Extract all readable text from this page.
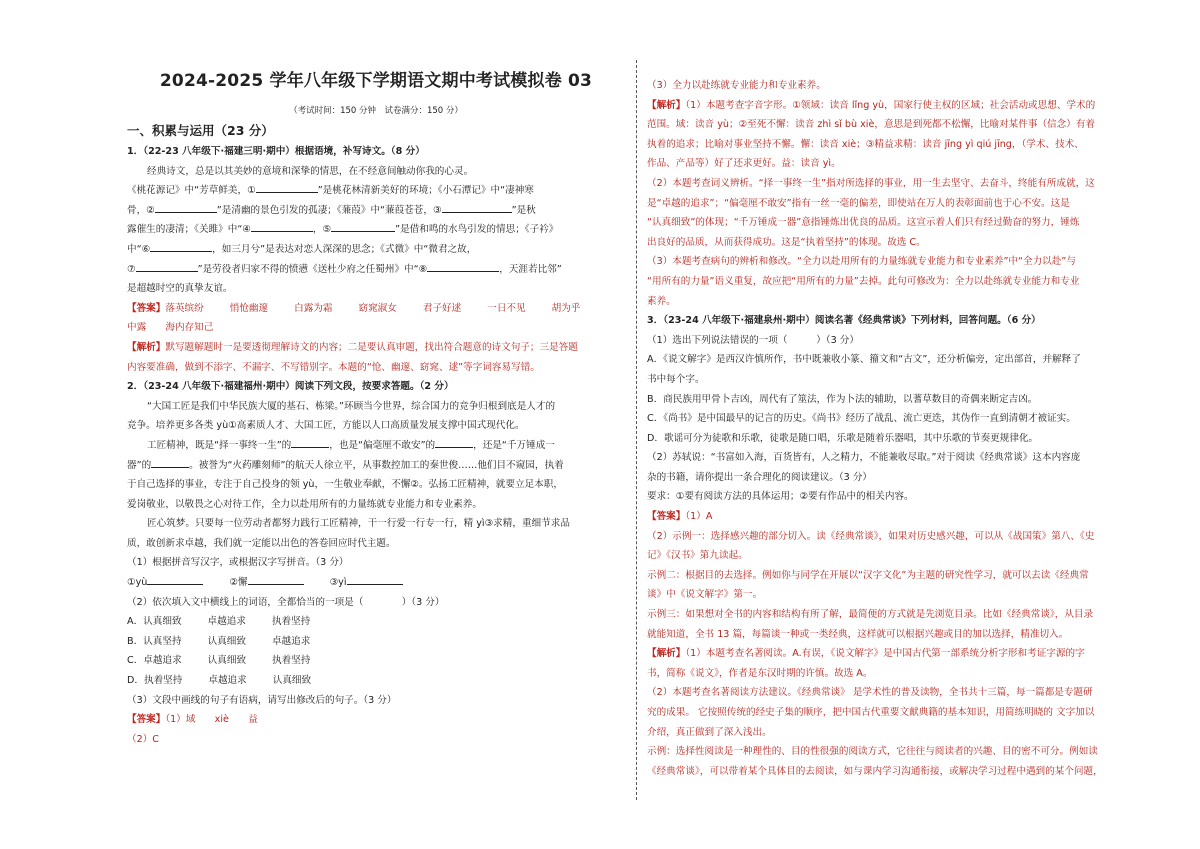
2024-2025 学年八年级下学期语文期中考试模拟卷 03
（考试时间：150 分钟　试卷满分：150 分）
一、积累与运用（23 分）
1．（22-23 八年级下·福建三明·期中）根据语境，补写诗文。（8 分）
经典诗文，总是以其美妙的意境和深挚的情思，在不经意间触动你我的心灵。
《桃花源记》中“芳草鲜美，①	”是桃花林清新美好的环境；《小石潭记》中“凄神寒
骨，②	”是清幽的景色引发的孤凄；《蒹葭》中“蒹葭苍苍，③	”是秋
露催生的凄清；《关雎》中“④	，⑤	”是借和鸣的水鸟引发的情思；《子衿》
中“⑥	，如三月兮”是表达对恋人深深的思念；《式微》中“微君之故，
⑦	”是劳役者归家不得的愤懑《送杜少府之任蜀州》中“⑧	，天涯若比邻”
是超越时空的真挚友谊。
【答案】落英缤纷	悄怆幽邃	白露为霜	窈窕淑女	君子好逑	一日不见	胡为乎
中露　　海内存知己
【解析】默写题解题时一是要透彻理解诗文的内容；二是要认真审题，找出符合题意的诗文句子；三是答题
内容要准确，做到不添字、不漏字、不写错别字。本题的“怆、幽邃、窈窕、逑”等字词容易写错。
2．（23-24 八年级下·福建福州·期中）阅读下列文段，按要求答题。（2 分）
“大国工匠是我们中华民族大厦的基石、栋梁。”环顾当今世界，综合国力的竞争归根到底是人才的
竞争。培养更多各类 yù①高素质人才、大国工匠，方能以人口高质量发展支撑中国式现代化。
工匠精神，既是“择一事终一生”的	，也是“偏毫厘不敢安”的	，还是“千万锤成一
器”的	。被誉为“火药雕刻师”的航天人徐立平，从事数控加工的秦世俊……他们目不窥园，执着
于自己选择的事业，专注于自己投身的领 yù，一生敬业奉献，不懈②。弘扬工匠精神，就要立足本职，
爱岗敬业，以敬畏之心对待工作，全力以赴用所有的力量练就专业能力和专业素养。
匠心筑梦。只要每一位劳动者都努力践行工匠精神，干一行爱一行专一行，精 yì③求精，重细节求品
质，敢创新求卓越，我们就一定能以出色的答卷回应时代主题。
（1）根据拼音写汉字，或根据汉字写拼音。（3 分）
①yù	②懈	③yì
（2）依次填入文中横线上的词语，全都恰当的一项是（　　　　）（3 分）
A．认真细致	卓越追求	执着坚持
B．认真坚持	认真细致	卓越追求
C．卓越追求	认真细致	执着坚持
D．执着坚持	卓越追求	认真细致
（3）文段中画线的句子有语病，请写出修改后的句子。（3 分）
【答案】（1）域　　xiè　　益
（2）C
（3）全力以赴练就专业能力和专业素养。
【解析】（1）本题考查字音字形。①领域：读音 lǐng yù，国家行使主权的区域；社会活动或思想、学术的
范围。域：读音 yù；②至死不懈：读音 zhì sǐ bù xiè，意思是到死都不松懈，比喻对某件事（信念）有着
执着的追求；比喻对事业坚持不懈。懈：读音 xiè；③精益求精：读音 jīng yì qiú jīng，（学术、技术、
作品、产品等）好了还求更好。益：读音 yì。
（2）本题考查词义辨析。“择一事终一生”指对所选择的事业，用一生去坚守、去奋斗，终能有所成就，这
是“卓越的追求”；“偏毫厘不敢安”指有一丝一毫的偏差，即使站在万人的表彰面前也于心不安。这是
“认真细致”的体现；“千万锤成一器”意指锤炼出优良的品质。这宣示着人们只有经过勤奋的努力，锤炼
出良好的品质，从而获得成功。这是“执着坚持”的体现。故选 C。
（3）本题考查病句的辨析和修改。“全力以赴用所有的力量练就专业能力和专业素养”中“全力以赴”与
“用所有的力量”语义重复，故应把“用所有的力量”去掉。此句可修改为：全力以赴练就专业能力和专业
素养。
3．（23-24 八年级下·福建泉州·期中）阅读名著《经典常谈》下列材料，回答问题。（6 分）
（1）选出下列说法错误的一项（　　　）（3 分）
A．《说文解字》是西汉许慎所作，书中既兼收小篆、籀文和“古文”，还分析偏旁，定出部首，并解释了
书中每个字。
B．商民族用甲骨卜吉凶，周代有了筮法，作为卜法的辅助，以蓍草数目的奇偶来断定吉凶。
C．《尚书》是中国最早的记言的历史。《尚书》经历了战乱、流亡更迭，其伪作一直到清朝才被证实。
D．歌谣可分为徒歌和乐歌，徒歌是随口唱，乐歌是随着乐器唱，其中乐歌的节奏更规律化。
（2）苏轼说：“书富如入海，百货皆有，人之精力，不能兼收尽取。”对于阅读《经典常谈》这本内容庞
杂的书籍，请你提出一条合理化的阅读建议。（3 分）
要求：①要有阅读方法的具体运用；②要有作品中的相关内容。
【答案】（1）A
（2）示例一：选择感兴趣的部分切入。读《经典常谈》，如果对历史感兴趣，可以从《战国策》第八、《史
记》《汉书》第九读起。
示例二：根据目的去选择。例如你与同学在开展以“汉字文化”为主题的研究性学习，就可以去读《经典常
谈》中《说文解字》第一。
示例三：如果想对全书的内容和结构有所了解，最简便的方式就是先浏览目录。比如《经典常谈》，从目录
就能知道，全书 13 篇，每篇谈一种或一类经典，这样就可以根据兴趣或目的加以选择，精准切入。
【解析】（1）本题考查名著阅读。A.有误，《说文解字》是中国古代第一部系统分析字形和考证字源的字
书，简称《说文》，作者是东汉时期的许慎。故选 A。
（2）本题考查名著阅读方法建议。《经典常谈》 是学术性的普及读物，全书共十三篇，每一篇都是专题研
究的成果。 它按照传统的经史子集的顺序，把中国古代重要文献典籍的基本知识，用简练明晓的 文字加以
介绍，真正做到了深入浅出。
示例：选择性阅读是一种理性的、目的性很强的阅读方式，它往往与阅读者的兴趣、目的密不可分。例如读
《经典常谈》，可以带着某个具体目的去阅读，如与课内学习沟通衔接，或解决学习过程中遇到的某个问题，
